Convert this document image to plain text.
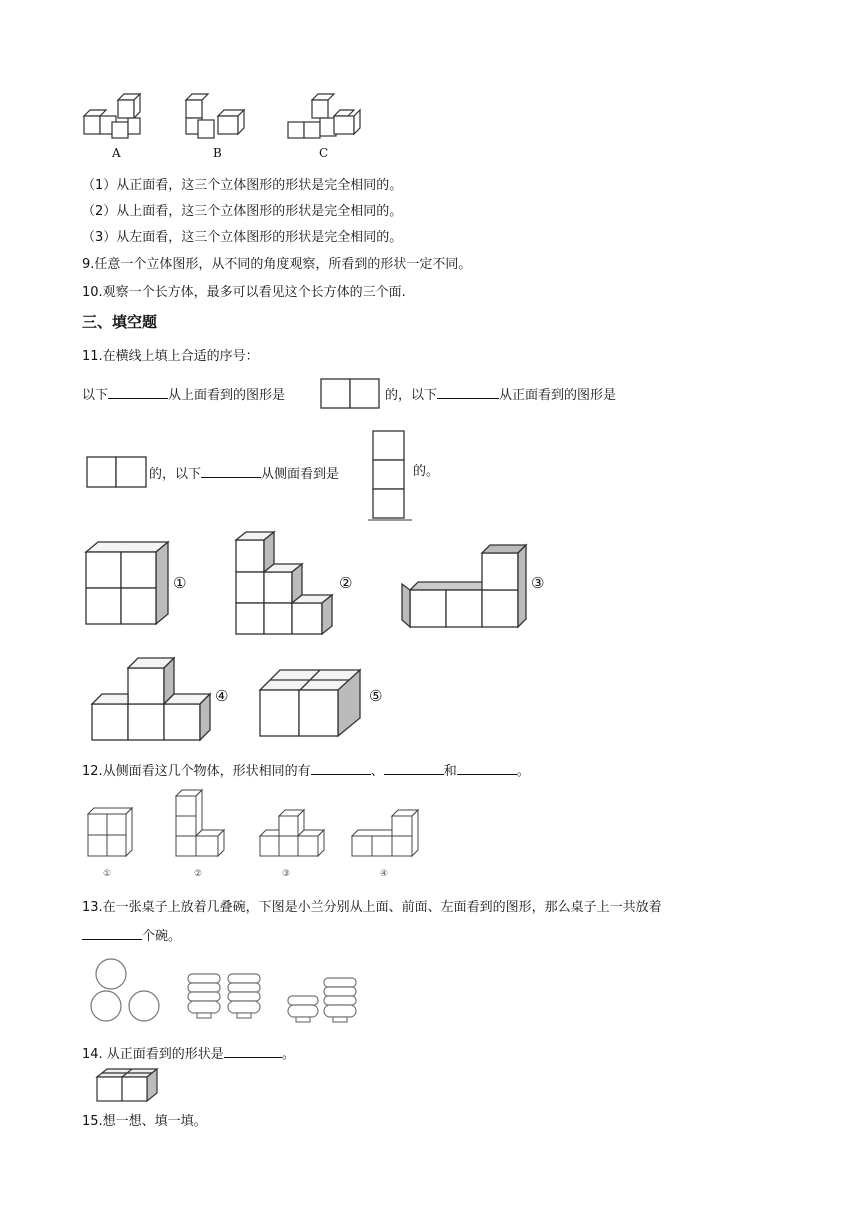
A	B	C
（1）从正面看，这三个立体图形的形状是完全相同的。
（2）从上面看，这三个立体图形的形状是完全相同的。
（3）从左面看，这三个立体图形的形状是完全相同的。
9.任意一个立体图形，从不同的角度观察，所看到的形状一定不同。
10.观察一个长方体，最多可以看见这个长方体的三个面.
三、填空题
11.在横线上填上合适的序号：
以下	从上面看到的图形是	的，以下	从正面看到的图形是
的，以下	从侧面看到是	的。
①	②	③
④	⑤
12.从侧面看这几个物体，形状相同的有	、	和	。
①	②	③	④
13.在一张桌子上放着几叠碗，下图是小兰分别从上面、前面、左面看到的图形，那么桌子上一共放着
个碗。
14. 从正面看到的形状是	。
15.想一想、填一填。
